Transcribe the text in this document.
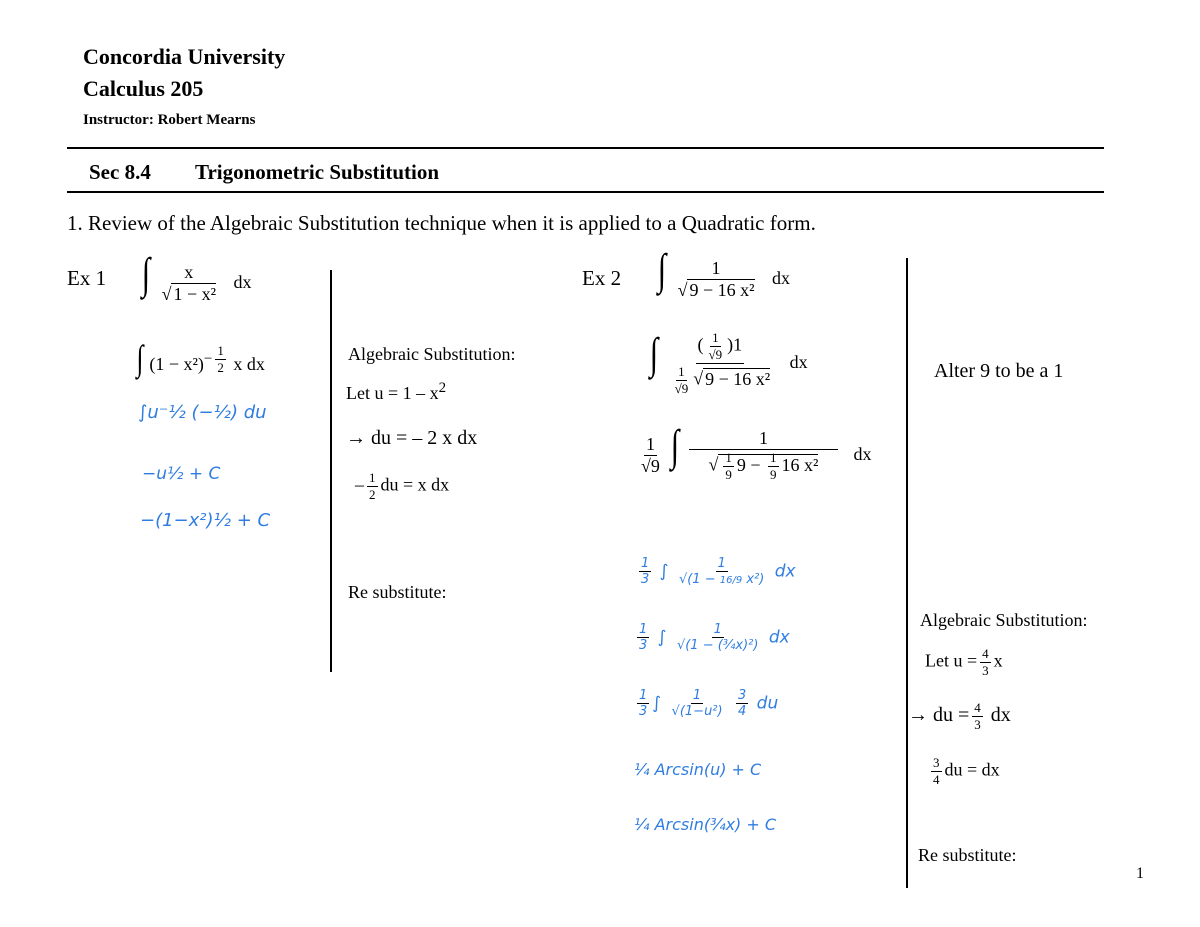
Concordia University
Calculus 205
Instructor: Robert Mearns
Sec 8.4 Trigonometric Substitution
1. Review of the Algebraic Substitution technique when it is applied to a Quadratic form.
Ex 1 ∫ $\frac{x}{\text{√ 1 − x²}}$ dx
∫ $(1 - x^2)^{- \frac{1}{2}}$ x dx
∫u⁻½ (−½) du
−u½ + C
−(1−x²)½ + C
Algebraic Substitution:
Let $u = 1 - x^2$
→ du = – 2 x dx
– $\frac{1}{2}$ du = x dx
Re substitute:
Ex 2 ∫ $\frac{1}{\text{√ 9 − 16 x²}}$ dx
∫ $\frac{( \frac{1}{√9} )1}{\frac{1}{√9} √ 9 - 16 x^2}$ dx
$\frac{1}{√9}$ ∫ $\frac{1}{√ \frac{1}{9} 9 - \frac{1}{9} 16 x^2}$ dx
$\frac{1}{3}$ ∫ $\frac{1}{\text{√(1 − 16/9 x²)}}$ dx
$\frac{1}{3}$ ∫ $\frac{1}{\text{√(1 − (¾x)²)}}$ dx
$\frac{1}{3}$ ∫ $\frac{1}{\text{√(1−u²)}}$
$\frac{3}{4}$ du
¼ Arcsin(u) + C
¼ Arcsin(¾x) + C
Alter 9 to be a 1
Algebraic Substitution:
Let $u = \frac{4}{3}$ x
→ du = $\frac{4}{3}$ dx
$\frac{3}{4}$ du = dx
Re substitute:
1
